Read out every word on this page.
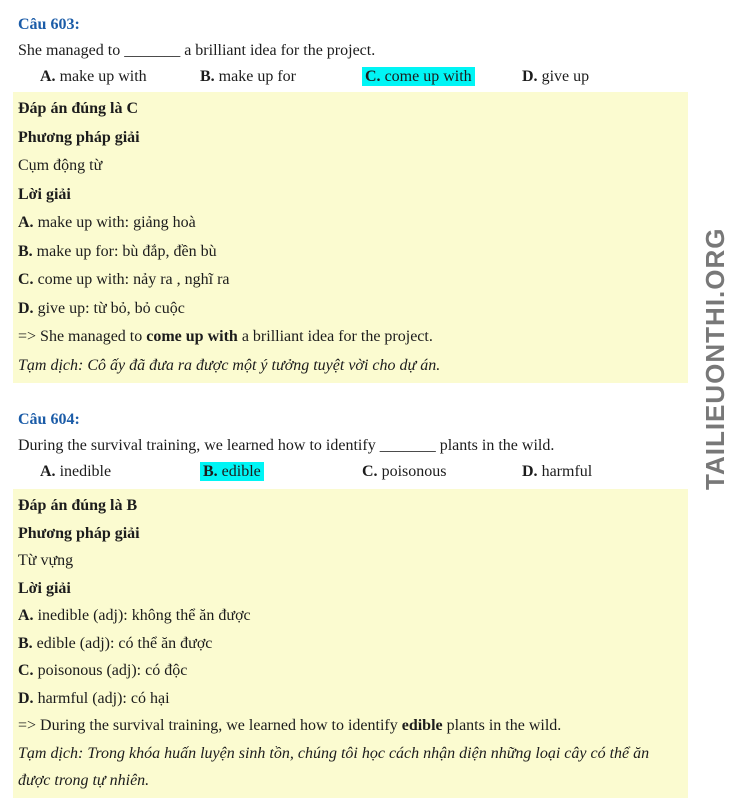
Câu 603:
She managed to _______ a brilliant idea for the project.
A. make up with	B. make up for	C. come up with	D. give up
Đáp án đúng là C
Phương pháp giải
Cụm động từ
Lời giải
A. make up with: giảng hoà
B. make up for: bù đắp, đền bù
C. come up with: nảy ra , nghĩ ra
D. give up: từ bỏ, bỏ cuộc
=> She managed to come up with a brilliant idea for the project.
Tạm dịch: Cô ấy đã đưa ra được một ý tưởng tuyệt vời cho dự án.
Câu 604:
During the survival training, we learned how to identify _______ plants in the wild.
A. inedible	B. edible	C. poisonous	D. harmful
Đáp án đúng là B
Phương pháp giải
Từ vựng
Lời giải
A. inedible (adj): không thể ăn được
B. edible (adj): có thể ăn được
C. poisonous (adj): có độc
D. harmful (adj): có hại
=> During the survival training, we learned how to identify edible plants in the wild.
Tạm dịch: Trong khóa huấn luyện sinh tồn, chúng tôi học cách nhận diện những loại cây có thể ăn được trong tự nhiên.
TAILIEUONTHI.ORG
